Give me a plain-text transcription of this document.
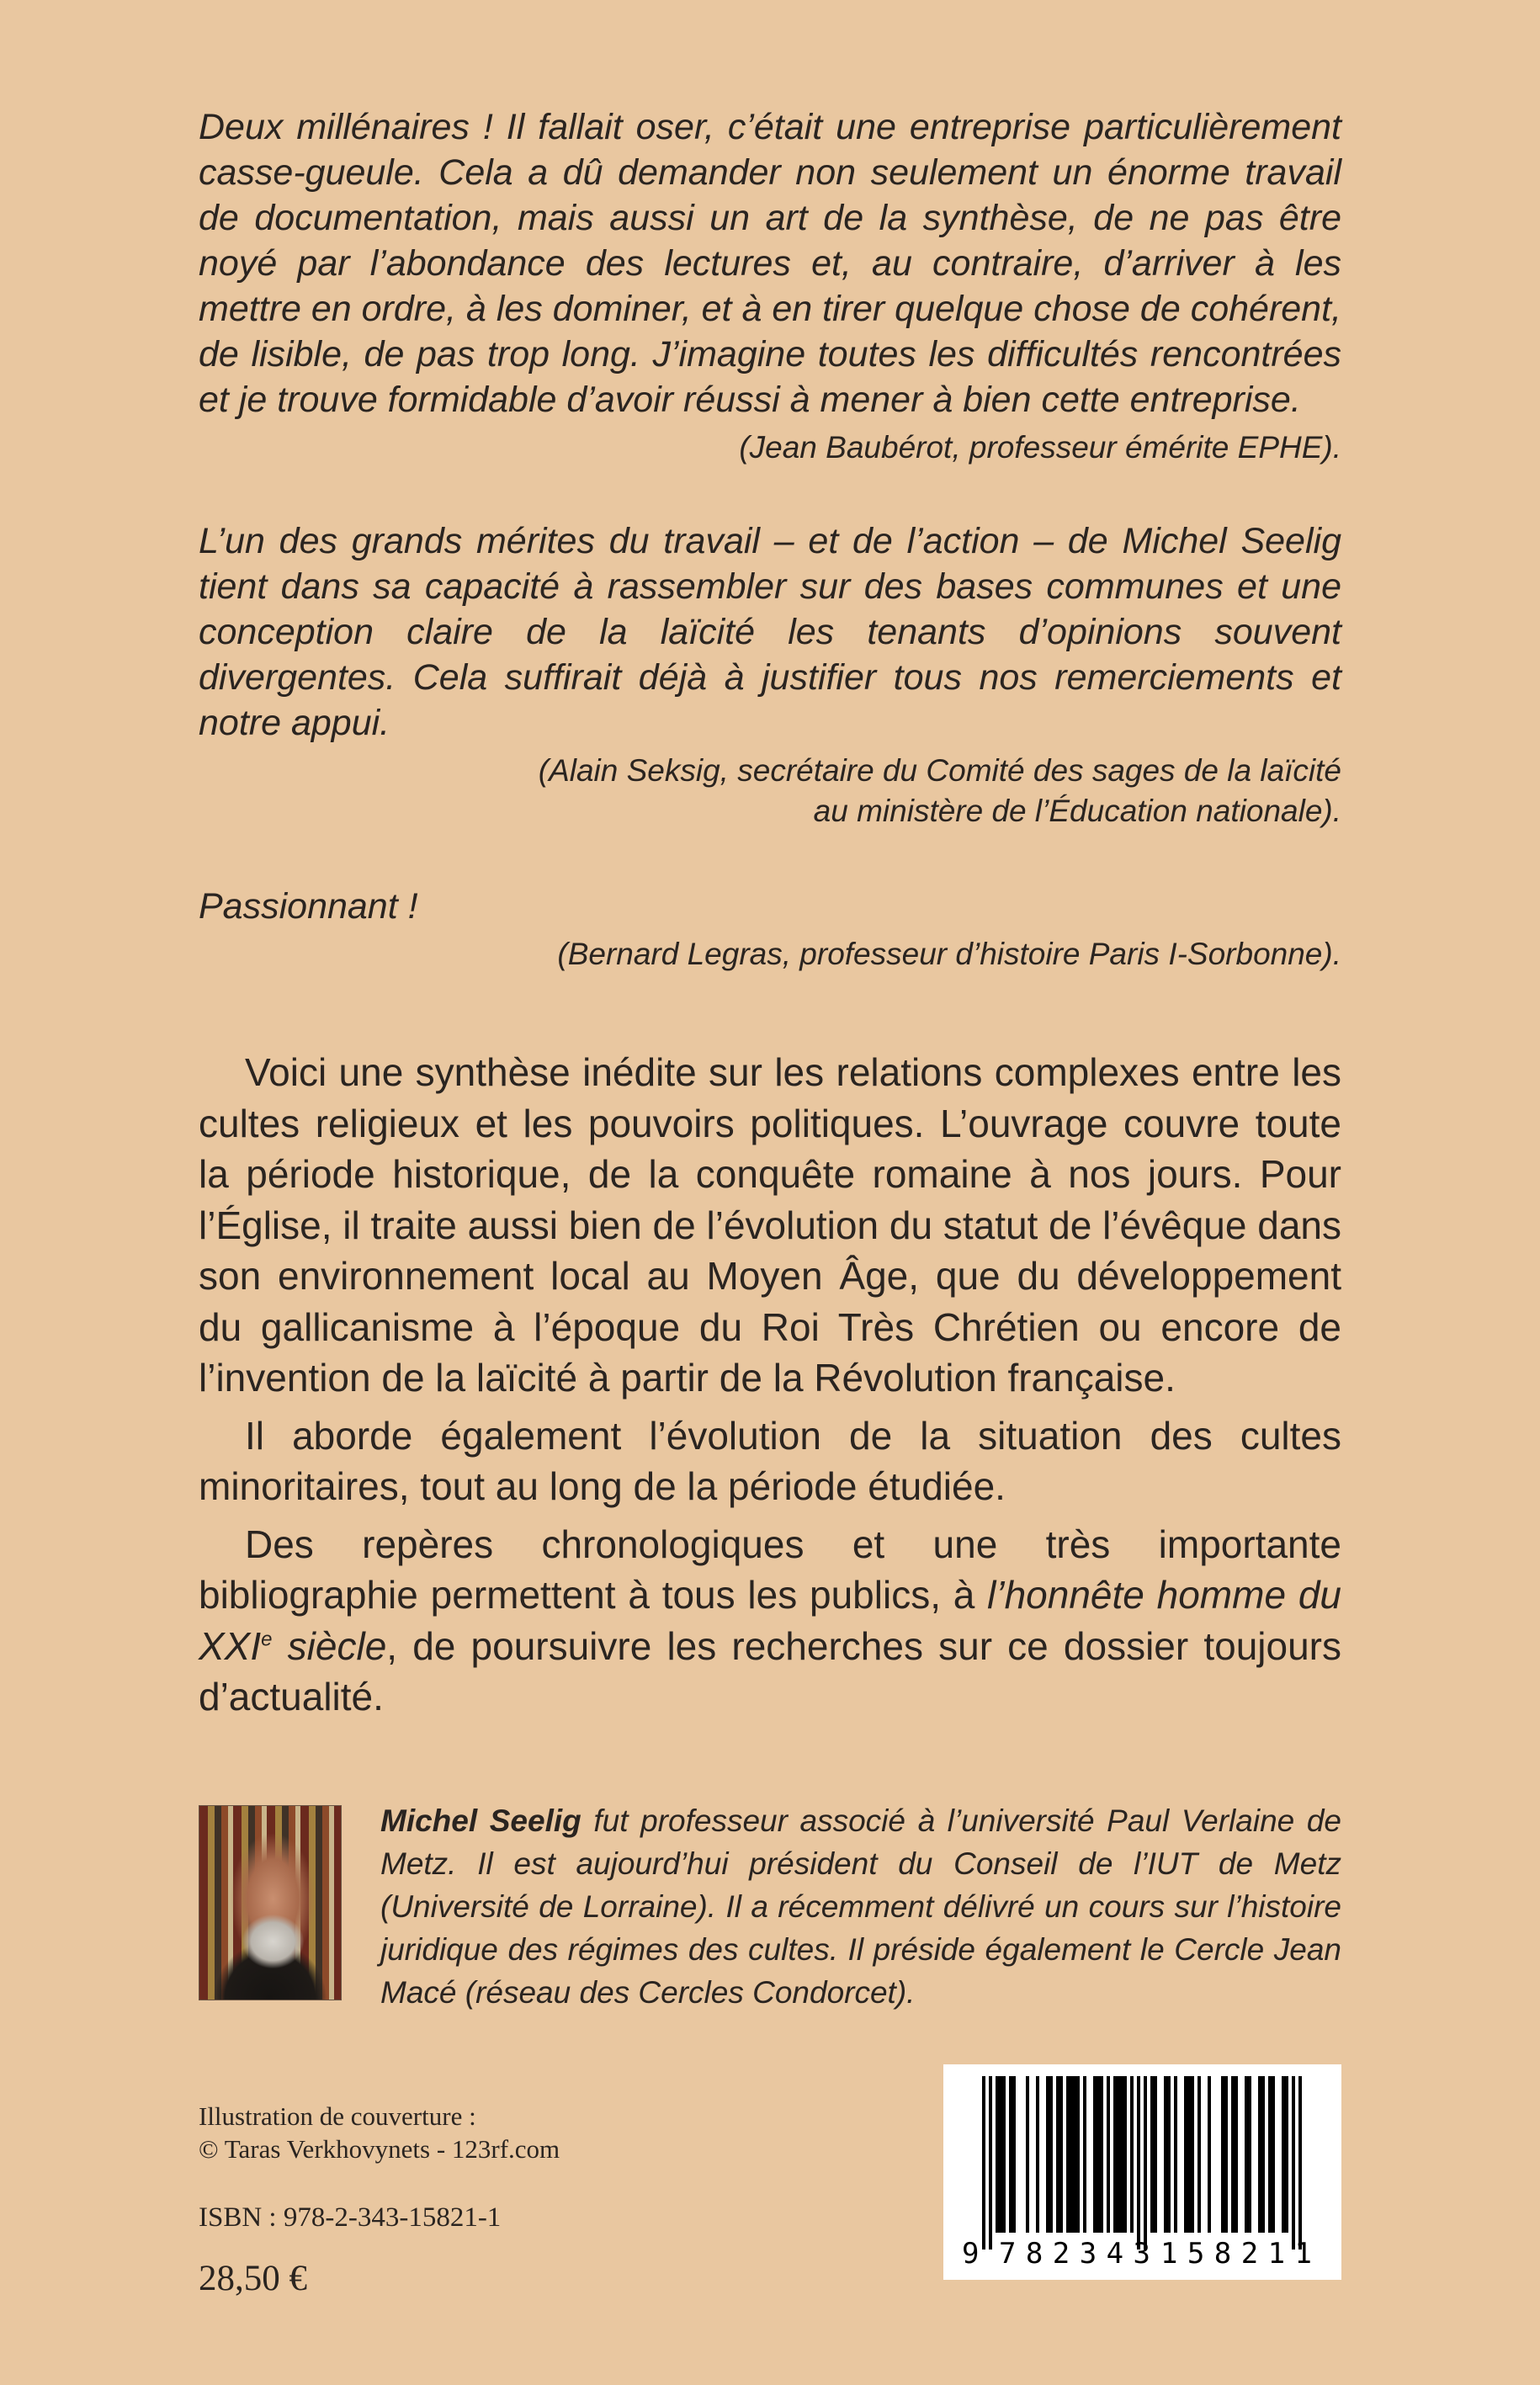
Deux millénaires ! Il fallait oser, c’était une entreprise particulièrement casse-gueule. Cela a dû demander non seulement un énorme travail de documentation, mais aussi un art de la synthèse, de ne pas être noyé par l’abondance des lectures et, au contraire, d’arriver à les mettre en ordre, à les dominer, et à en tirer quelque chose de cohérent, de lisible, de pas trop long. J’imagine toutes les difficultés rencontrées et je trouve formidable d’avoir réussi à mener à bien cette entreprise.

(Jean Baubérot, professeur émérite EPHE).

L’un des grands mérites du travail – et de l’action – de Michel Seelig tient dans sa capacité à rassembler sur des bases communes et une conception claire de la laïcité les tenants d’opinions souvent divergentes. Cela suffirait déjà à justifier tous nos remerciements et notre appui.

(Alain Seksig, secrétaire du Comité des sages de la laïcité
au ministère de l’Éducation nationale).

Passionnant !

(Bernard Legras, professeur d’histoire Paris I-Sorbonne).

Voici une synthèse inédite sur les relations complexes entre les cultes religieux et les pouvoirs politiques. L’ouvrage couvre toute la période historique, de la conquête romaine à nos jours. Pour l’Église, il traite aussi bien de l’évolution du statut de l’évêque dans son environnement local au Moyen Âge, que du développement du gallicanisme à l’époque du Roi Très Chrétien ou encore de l’invention de la laïcité à partir de la Révolution française.

Il aborde également l’évolution de la situation des cultes minoritaires, tout au long de la période étudiée.

Des repères chronologiques et une très importante bibliographie permettent à tous les publics, à l’honnête homme du XXIe siècle, de poursuivre les recherches sur ce dossier toujours d’actualité.

Michel Seelig fut professeur associé à l’université Paul Verlaine de Metz. Il est aujourd’hui président du Conseil de l’IUT de Metz (Université de Lorraine). Il a récemment délivré un cours sur l’histoire juridique des régimes des cultes. Il préside également le Cercle Jean Macé (réseau des Cercles Condorcet).
Illustration de couverture :
© Taras Verkhovynets - 123rf.com
ISBN : 978-2-343-15821-1
28,50 €
9 782343 158211
